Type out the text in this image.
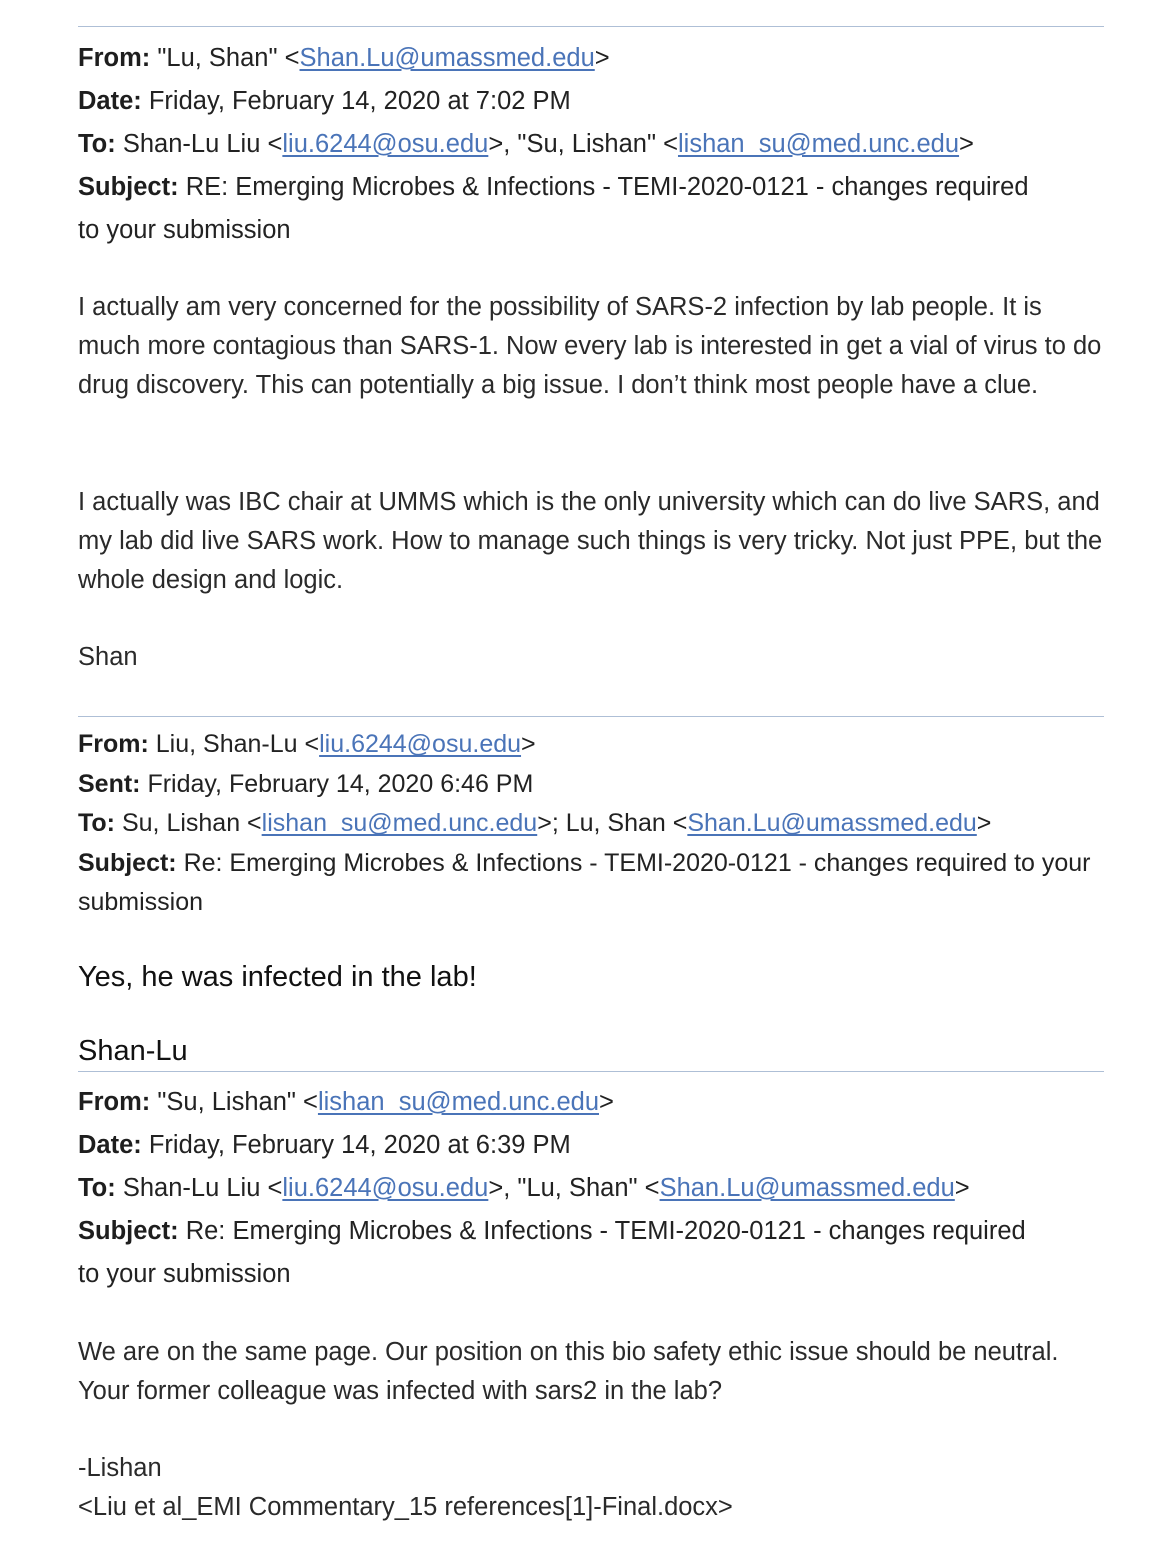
From: "Lu, Shan" <Shan.Lu@umassmed.edu>
Date: Friday, February 14, 2020 at 7:02 PM
To: Shan-Lu Liu <liu.6244@osu.edu>, "Su, Lishan" <lishan_su@med.unc.edu>
Subject: RE: Emerging Microbes & Infections - TEMI-2020-0121 - changes required to your submission

I actually am very concerned for the possibility of SARS-2 infection by lab people. It is much more contagious than SARS-1. Now every lab is interested in get a vial of virus to do drug discovery. This can potentially a big issue. I don’t think most people have a clue.

I actually was IBC chair at UMMS which is the only university which can do live SARS, and my lab did live SARS work. How to manage such things is very tricky. Not just PPE, but the whole design and logic.

Shan

From: Liu, Shan-Lu <liu.6244@osu.edu>
Sent: Friday, February 14, 2020 6:46 PM
To: Su, Lishan <lishan_su@med.unc.edu>; Lu, Shan <Shan.Lu@umassmed.edu>
Subject: Re: Emerging Microbes & Infections - TEMI-2020-0121 - changes required to your submission
Yes, he was infected in the lab!
Shan-Lu
From: "Su, Lishan" <lishan_su@med.unc.edu>
Date: Friday, February 14, 2020 at 6:39 PM
To: Shan-Lu Liu <liu.6244@osu.edu>, "Lu, Shan" <Shan.Lu@umassmed.edu>
Subject: Re: Emerging Microbes & Infections - TEMI-2020-0121 - changes required to your submission

We are on the same page. Our position on this bio safety ethic issue should be neutral. Your former colleague was infected with sars2 in the lab?

-Lishan

<Liu et al_EMI Commentary_15 references[1]-Final.docx>
